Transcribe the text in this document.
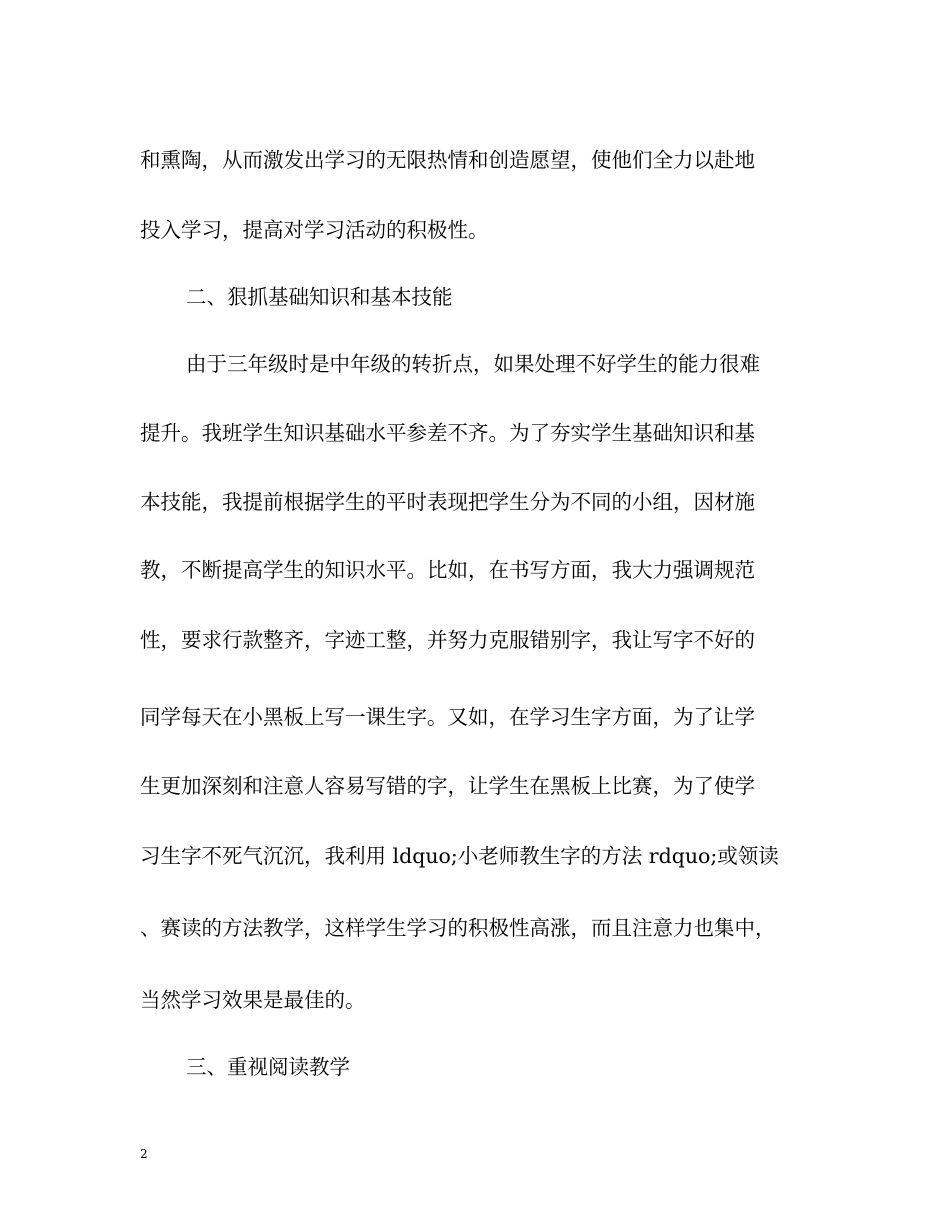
和熏陶，从而激发出学习的无限热情和创造愿望，使他们全力以赴地
投入学习，提高对学习活动的积极性。
二、狠抓基础知识和基本技能
由于三年级时是中年级的转折点，如果处理不好学生的能力很难
提升。我班学生知识基础水平参差不齐。为了夯实学生基础知识和基
本技能，我提前根据学生的平时表现把学生分为不同的小组，因材施
教，不断提高学生的知识水平。比如，在书写方面，我大力强调规范
性，要求行款整齐，字迹工整，并努力克服错别字，我让写字不好的
同学每天在小黑板上写一课生字。又如，在学习生字方面，为了让学
生更加深刻和注意人容易写错的字，让学生在黑板上比赛，为了使学
习生字不死气沉沉，我利用 ldquo;小老师教生字的方法 rdquo;或领读
、赛读的方法教学，这样学生学习的积极性高涨，而且注意力也集中，
当然学习效果是最佳的。
三、重视阅读教学
2
